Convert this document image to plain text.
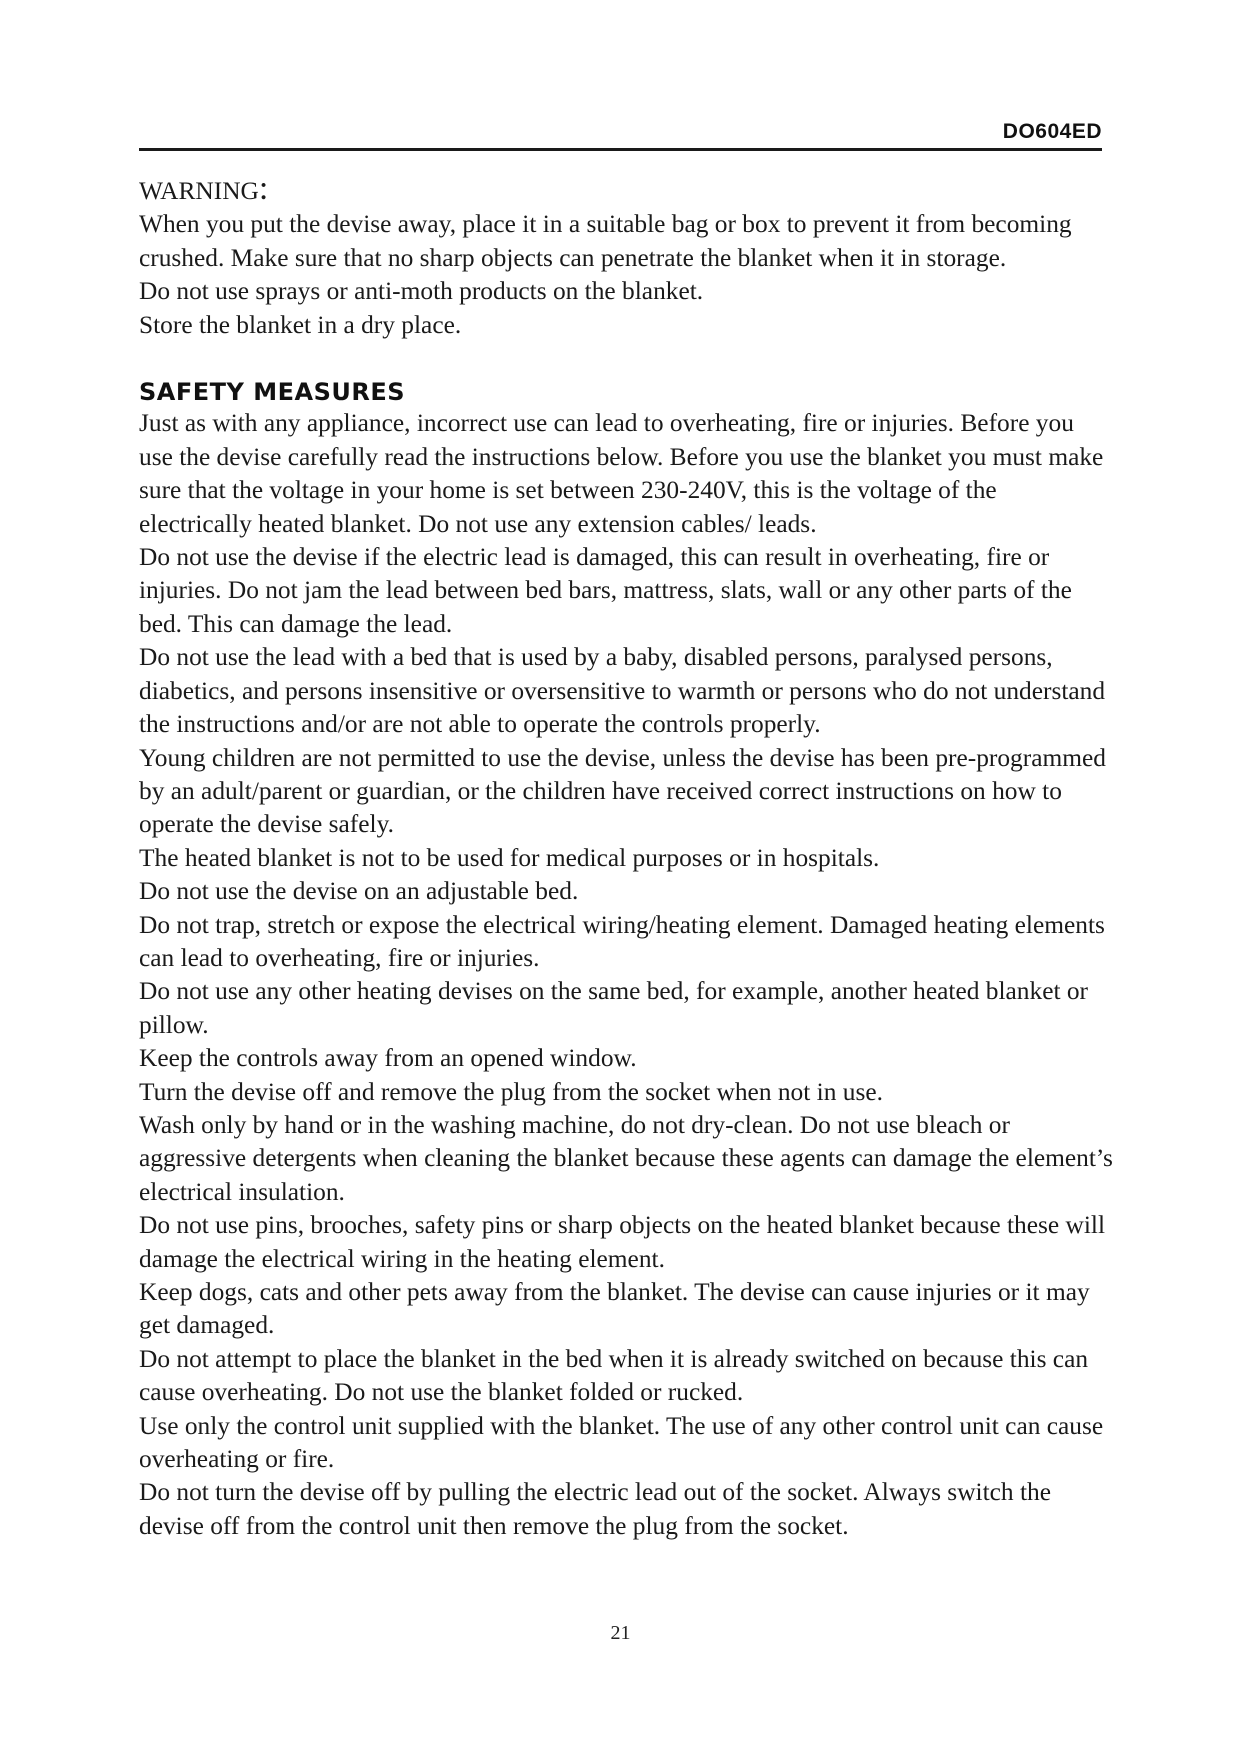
DO604ED

WARNING:

When you put the devise away, place it in a suitable bag or box to prevent it from becoming crushed. Make sure that no sharp objects can penetrate the blanket when it in storage.

Do not use sprays or anti-moth products on the blanket.

Store the blanket in a dry place.

SAFETY MEASURES

Just as with any appliance, incorrect use can lead to overheating, fire or injuries. Before you use the devise carefully read the instructions below. Before you use the blanket you must make sure that the voltage in your home is set between 230-240V, this is the voltage of the electrically heated blanket. Do not use any extension cables/ leads.

Do not use the devise if the electric lead is damaged, this can result in overheating, fire or injuries. Do not jam the lead between bed bars, mattress, slats, wall or any other parts of the bed. This can damage the lead.

Do not use the lead with a bed that is used by a baby, disabled persons, paralysed persons, diabetics, and persons insensitive or oversensitive to warmth or persons who do not understand the instructions and/or are not able to operate the controls properly.

Young children are not permitted to use the devise, unless the devise has been pre-programmed by an adult/parent or guardian, or the children have received correct instructions on how to operate the devise safely.

The heated blanket is not to be used for medical purposes or in hospitals.

Do not use the devise on an adjustable bed.

Do not trap, stretch or expose the electrical wiring/heating element. Damaged heating elements can lead to overheating, fire or injuries.

Do not use any other heating devises on the same bed, for example, another heated blanket or pillow.

Keep the controls away from an opened window.

Turn the devise off and remove the plug from the socket when not in use.

Wash only by hand or in the washing machine, do not dry-clean. Do not use bleach or aggressive detergents when cleaning the blanket because these agents can damage the element’s electrical insulation.

Do not use pins, brooches, safety pins or sharp objects on the heated blanket because these will damage the electrical wiring in the heating element.

Keep dogs, cats and other pets away from the blanket. The devise can cause injuries or it may get damaged.

Do not attempt to place the blanket in the bed when it is already switched on because this can cause overheating. Do not use the blanket folded or rucked.

Use only the control unit supplied with the blanket. The use of any other control unit can cause overheating or fire.

Do not turn the devise off by pulling the electric lead out of the socket. Always switch the devise off from the control unit then remove the plug from the socket.

21
